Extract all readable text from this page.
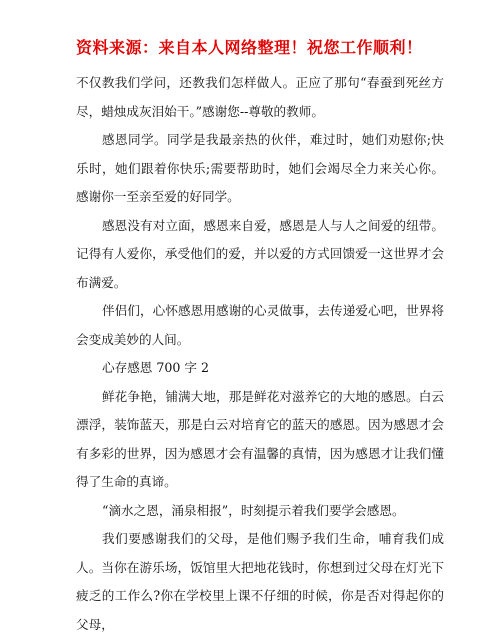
资料来源：来自本人网络整理！祝您工作顺利！

不仅教我们学问，还教我们怎样做人。正应了那句“春蚕到死丝方尽，蜡烛成灰泪始干。”感谢您--尊敬的教师。

感恩同学。同学是我最亲热的伙伴，难过时，她们劝慰你;快乐时，她们跟着你快乐;需要帮助时，她们会竭尽全力来关心你。感谢你一至亲至爱的好同学。

感恩没有对立面，感恩来自爱，感恩是人与人之间爱的纽带。记得有人爱你，承受他们的爱，并以爱的方式回馈爱一这世界才会布满爱。

伴侣们，心怀感恩用感谢的心灵做事，去传递爱心吧，世界将会变成美妙的人间。

心存感恩 700 字 2

鲜花争艳，铺满大地，那是鲜花对滋养它的大地的感恩。白云漂浮，装饰蓝天，那是白云对培育它的蓝天的感恩。因为感恩才会有多彩的世界，因为感恩才会有温馨的真情，因为感恩才让我们懂得了生命的真谛。

“滴水之恩，涌泉相报”，时刻提示着我们要学会感恩。

我们要感谢我们的父母，是他们赐予我们生命，哺育我们成人。当你在游乐场，饭馆里大把地花钱时，你想到过父母在灯光下疲乏的工作么?你在学校里上课不仔细的时候，你是否对得起你的父母，
